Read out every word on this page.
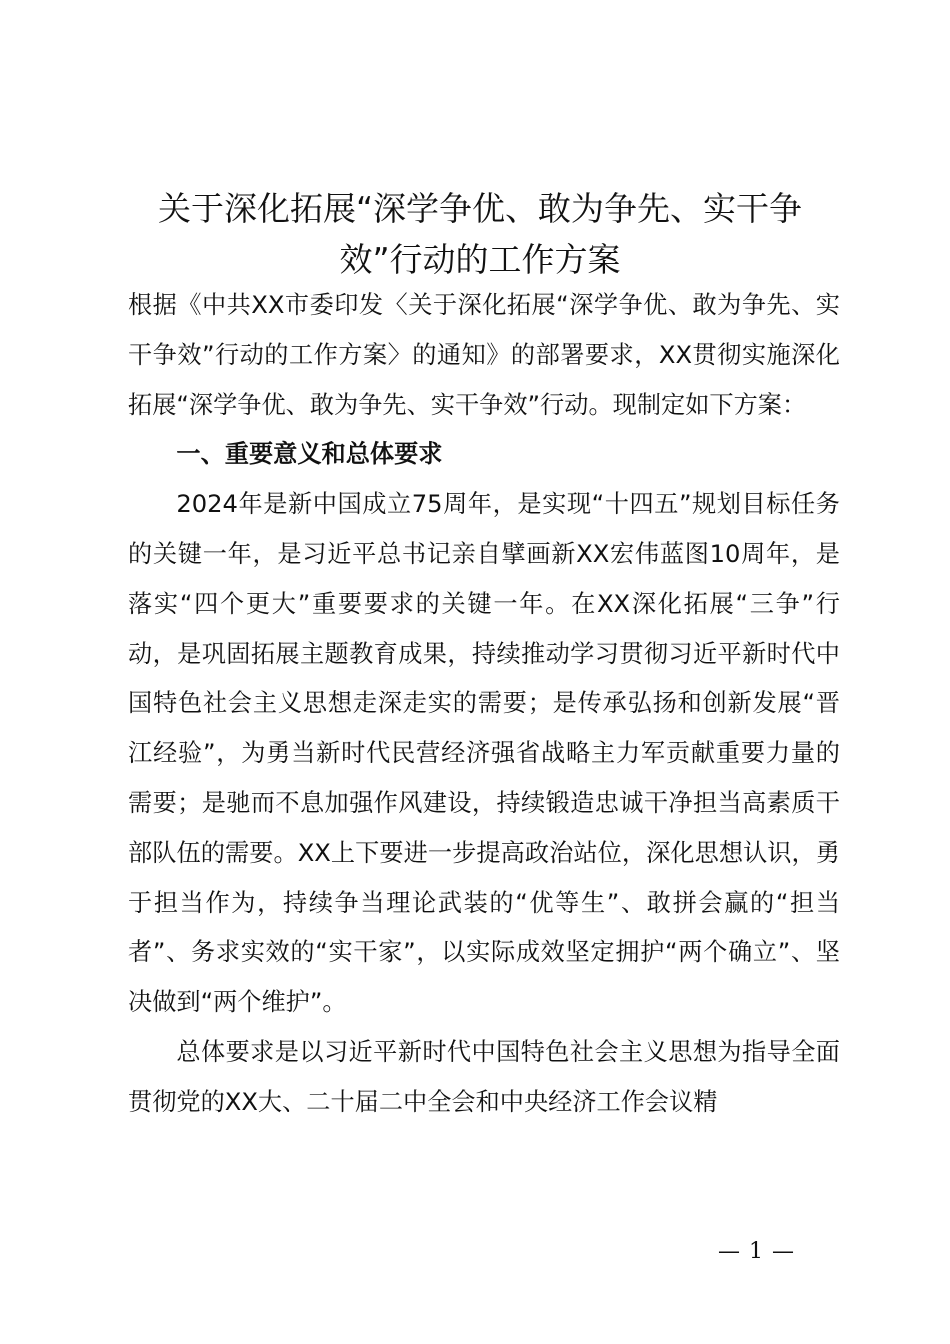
关于深化拓展“深学争优、敢为争先、实干争
效”行动的工作方案

根据《中共XX市委印发〈关于深化拓展“深学争优、敢为争先、实干争效”行动的工作方案〉的通知》的部署要求，XX贯彻实施深化拓展“深学争优、敢为争先、实干争效”行动。现制定如下方案：

一、重要意义和总体要求

2024年是新中国成立75周年，是实现“十四五”规划目标任务的关键一年，是习近平总书记亲自擘画新XX宏伟蓝图10周年，是落实“四个更大”重要要求的关键一年。在XX深化拓展“三争”行动，是巩固拓展主题教育成果，持续推动学习贯彻习近平新时代中国特色社会主义思想走深走实的需要；是传承弘扬和创新发展“晋江经验”，为勇当新时代民营经济强省战略主力军贡献重要力量的需要；是驰而不息加强作风建设，持续锻造忠诚干净担当高素质干部队伍的需要。XX上下要进一步提高政治站位，深化思想认识，勇于担当作为，持续争当理论武装的“优等生”、敢拼会赢的“担当者”、务求实效的“实干家”，以实际成效坚定拥护“两个确立”、坚决做到“两个维护”。

总体要求是以习近平新时代中国特色社会主义思想为指导全面贯彻党的XX大、二十届二中全会和中央经济工作会议精

— 1 —
